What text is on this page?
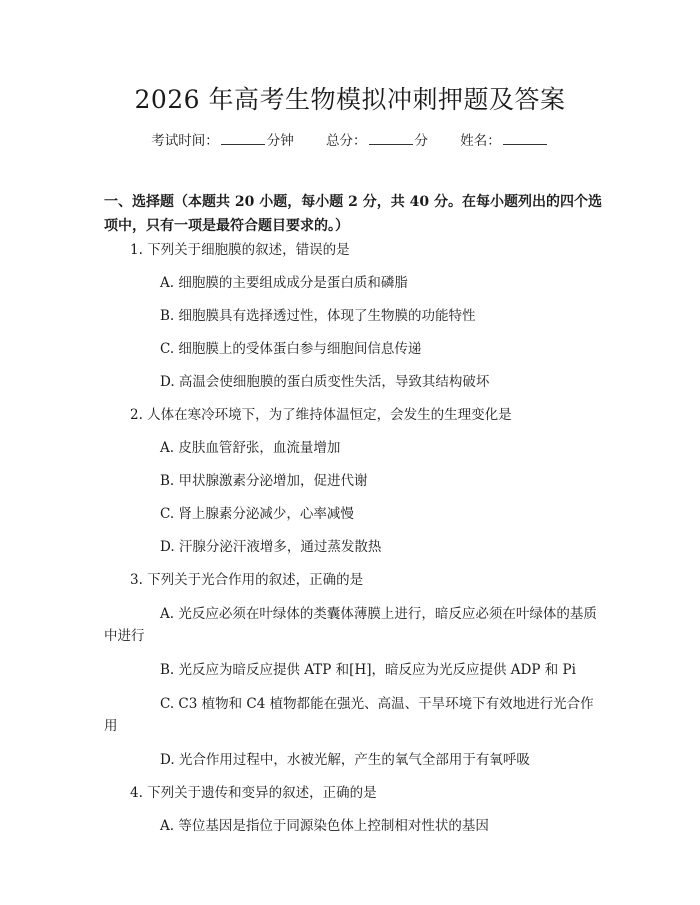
2026 年高考生物模拟冲刺押题及答案
考试时间：	分钟 总分：	分 姓名：
一、选择题（本题共 20 小题，每小题 2 分，共 40 分。在每小题列出的四个选项中，只有一项是最符合题目要求的。）
1. 下列关于细胞膜的叙述，错误的是
A. 细胞膜的主要组成成分是蛋白质和磷脂
B. 细胞膜具有选择透过性，体现了生物膜的功能特性
C. 细胞膜上的受体蛋白参与细胞间信息传递
D. 高温会使细胞膜的蛋白质变性失活，导致其结构破坏
2. 人体在寒冷环境下，为了维持体温恒定，会发生的生理变化是
A. 皮肤血管舒张，血流量增加
B. 甲状腺激素分泌增加，促进代谢
C. 肾上腺素分泌减少，心率减慢
D. 汗腺分泌汗液增多，通过蒸发散热
3. 下列关于光合作用的叙述，正确的是
A. 光反应必须在叶绿体的类囊体薄膜上进行，暗反应必须在叶绿体的基质中进行
B. 光反应为暗反应提供 ATP 和[H]，暗反应为光反应提供 ADP 和 Pi
C. C3 植物和 C4 植物都能在强光、高温、干旱环境下有效地进行光合作用
D. 光合作用过程中，水被光解，产生的氧气全部用于有氧呼吸
4. 下列关于遗传和变异的叙述，正确的是
A. 等位基因是指位于同源染色体上控制相对性状的基因
